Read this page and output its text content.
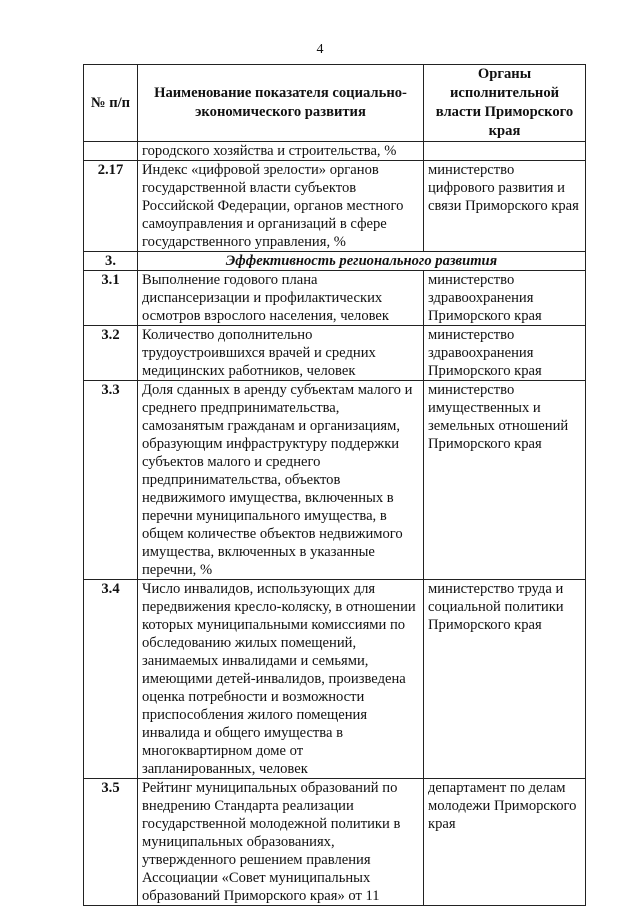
4
№ п/п	Наименование показателя социально-экономического развития	Органы исполнительной власти Приморского края
	городского хозяйства и строительства, %	
2.17	Индекс «цифровой зрелости» органов государственной власти субъектов Российской Федерации, органов местного самоуправления и организаций в сфере государственного управления, %	министерство цифрового развития и связи Приморского края
3.	Эффективность регионального развития	
3.1	Выполнение годового плана диспансеризации и профилактических осмотров взрослого населения, человек	министерство здравоохранения Приморского края
3.2	Количество дополнительно трудоустроившихся врачей и средних медицинских работников, человек	министерство здравоохранения Приморского края
3.3	Доля сданных в аренду субъектам малого и среднего предпринимательства, самозанятым гражданам и организациям, образующим инфраструктуру поддержки субъектов малого и среднего предпринимательства, объектов недвижимого имущества, включенных в перечни муниципального имущества, в общем количестве объектов недвижимого имущества, включенных в указанные перечни, %	министерство имущественных и земельных отношений Приморского края
3.4	Число инвалидов, использующих для передвижения кресло-коляску, в отношении которых муниципальными комиссиями по обследованию жилых помещений, занимаемых инвалидами и семьями, имеющими детей-инвалидов, произведена оценка потребности и возможности приспособления жилого помещения инвалида и общего имущества в многоквартирном доме от запланированных, человек	министерство труда и социальной политики Приморского края
3.5	Рейтинг муниципальных образований по внедрению Стандарта реализации государственной молодежной политики в муниципальных образованиях, утвержденного решением правления Ассоциации «Совет муниципальных образований Приморского края» от 11	департамент по делам молодежи Приморского края
